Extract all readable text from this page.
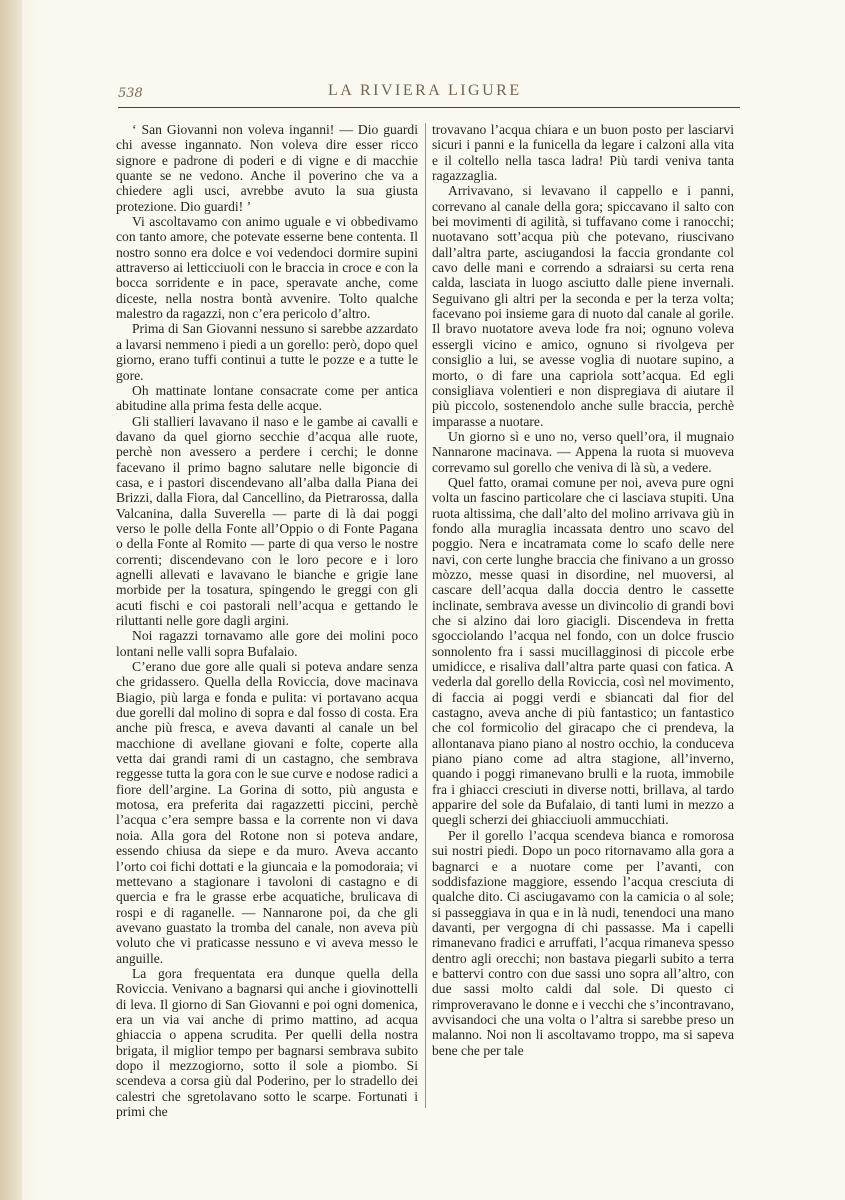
538	LA RIVIERA LIGURE

‘ San Giovanni non voleva inganni! — Dio guardi chi avesse ingannato. Non voleva dire esser ricco signore e padrone di poderi e di vigne e di macchie quante se ne vedono. Anche il poverino che va a chiedere agli usci, avrebbe avuto la sua giusta protezione. Dio guardi! ’

Vi ascoltavamo con animo uguale e vi obbedivamo con tanto amore, che potevate esserne bene contenta. Il nostro sonno era dolce e voi vedendoci dormire supini attraverso ai letticciuoli con le braccia in croce e con la bocca sorridente e in pace, speravate anche, come diceste, nella nostra bontà avvenire. Tolto qualche malestro da ragazzi, non c’era pericolo d’altro.

Prima di San Giovanni nessuno si sarebbe azzardato a lavarsi nemmeno i piedi a un gorello: però, dopo quel giorno, erano tuffi continui a tutte le pozze e a tutte le gore.

Oh mattinate lontane consacrate come per antica abitudine alla prima festa delle acque.

Gli stallieri lavavano il naso e le gambe ai cavalli e davano da quel giorno secchie d’acqua alle ruote, perchè non avessero a perdere i cerchi; le donne facevano il primo bagno salutare nelle bigoncie di casa, e i pastori discendevano all’alba dalla Piana dei Brizzi, dalla Fiora, dal Cancellino, da Pietrarossa, dalla Valcanina, dalla Suverella — parte di là dai poggi verso le polle della Fonte all’Oppio o di Fonte Pagana o della Fonte al Romito — parte di qua verso le nostre correnti; discendevano con le loro pecore e i loro agnelli allevati e lavavano le bianche e grigie lane morbide per la tosatura, spingendo le greggi con gli acuti fischi e coi pastorali nell’acqua e gettando le riluttanti nelle gore dagli argini.

Noi ragazzi tornavamo alle gore dei molini poco lontani nelle valli sopra Bufalaio.

C’erano due gore alle quali si poteva andare senza che gridassero. Quella della Roviccia, dove macinava Biagio, più larga e fonda e pulita: vi portavano acqua due gorelli dal molino di sopra e dal fosso di costa. Era anche più fresca, e aveva davanti al canale un bel macchione di avellane giovani e folte, coperte alla vetta dai grandi rami di un castagno, che sembrava reggesse tutta la gora con le sue curve e nodose radici a fiore dell’argine. La Gorina di sotto, più angusta e motosa, era preferita dai ragazzetti piccini, perchè l’acqua c’era sempre bassa e la corrente non vi dava noia. Alla gora del Rotone non si poteva andare, essendo chiusa da siepe e da muro. Aveva accanto l’orto coi fichi dottati e la giuncaia e la pomodoraia; vi mettevano a stagionare i tavoloni di castagno e di quercia e fra le grasse erbe acquatiche, brulicava di rospi e di raganelle. — Nannarone poi, da che gli avevano guastato la tromba del canale, non aveva più voluto che vi praticasse nessuno e vi aveva messo le anguille.

La gora frequentata era dunque quella della Roviccia. Venivano a bagnarsi qui anche i giovinottelli di leva. Il giorno di San Giovanni e poi ogni domenica, era un via vai anche di primo mattino, ad acqua ghiaccia o appena scrudita. Per quelli della nostra brigata, il miglior tempo per bagnarsi sembrava subito dopo il mezzogiorno, sotto il sole a piombo. Si scendeva a corsa giù dal Poderino, per lo stradello dei calestri che sgretolavano sotto le scarpe. Fortunati i primi che

trovavano l’acqua chiara e un buon posto per lasciarvi sicuri i panni e la funicella da legare i calzoni alla vita e il coltello nella tasca ladra! Più tardi veniva tanta ragazzaglia.

Arrivavano, si levavano il cappello e i panni, correvano al canale della gora; spiccavano il salto con bei movimenti di agilità, si tuffavano come i ranocchi; nuotavano sott’acqua più che potevano, riuscivano dall’altra parte, asciugandosi la faccia grondante col cavo delle mani e correndo a sdraiarsi su certa rena calda, lasciata in luogo asciutto dalle piene invernali. Seguivano gli altri per la seconda e per la terza volta; facevano poi insieme gara di nuoto dal canale al gorile. Il bravo nuotatore aveva lode fra noi; ognuno voleva essergli vicino e amico, ognuno si rivolgeva per consiglio a lui, se avesse voglia di nuotare supino, a morto, o di fare una capriola sott’acqua. Ed egli consigliava volentieri e non dispregiava di aiutare il più piccolo, sostenendolo anche sulle braccia, perchè imparasse a nuotare.

Un giorno sì e uno no, verso quell’ora, il mugnaio Nannarone macinava. — Appena la ruota si muoveva correvamo sul gorello che veniva di là sù, a vedere.

Quel fatto, oramai comune per noi, aveva pure ogni volta un fascino particolare che ci lasciava stupiti. Una ruota altissima, che dall’alto del molino arrivava giù in fondo alla muraglia incassata dentro uno scavo del poggio. Nera e incatramata come lo scafo delle nere navi, con certe lunghe braccia che finivano a un grosso mòzzo, messe quasi in disordine, nel muoversi, al cascare dell’acqua dalla doccia dentro le cassette inclinate, sembrava avesse un divincolio di grandi bovi che si alzino dai loro giacigli. Discendeva in fretta sgocciolando l’acqua nel fondo, con un dolce fruscio sonnolento fra i sassi mucillagginosi di piccole erbe umidicce, e risaliva dall’altra parte quasi con fatica. A vederla dal gorello della Roviccia, così nel movimento, di faccia ai poggi verdi e sbiancati dal fior del castagno, aveva anche di più fantastico; un fantastico che col formicolio del giracapo che ci prendeva, la allontanava piano piano al nostro occhio, la conduceva piano piano come ad altra stagione, all’inverno, quando i poggi rimanevano brulli e la ruota, immobile fra i ghiacci cresciuti in diverse notti, brillava, al tardo apparire del sole da Bufalaio, di tanti lumi in mezzo a quegli scherzi dei ghiacciuoli ammucchiati.

Per il gorello l’acqua scendeva bianca e romorosa sui nostri piedi. Dopo un poco ritornavamo alla gora a bagnarci e a nuotare come per l’avanti, con soddisfazione maggiore, essendo l’acqua cresciuta di qualche dito. Ci asciugavamo con la camicia o al sole; si passeggiava in qua e in là nudi, tenendoci una mano davanti, per vergogna di chi passasse. Ma i capelli rimanevano fradici e arruffati, l’acqua rimaneva spesso dentro agli orecchi; non bastava piegarli subito a terra e battervi contro con due sassi uno sopra all’altro, con due sassi molto caldi dal sole. Di questo ci rimproveravano le donne e i vecchi che s’incontravano, avvisandoci che una volta o l’altra si sarebbe preso un malanno. Noi non li ascoltavamo troppo, ma si sapeva bene che per tale
